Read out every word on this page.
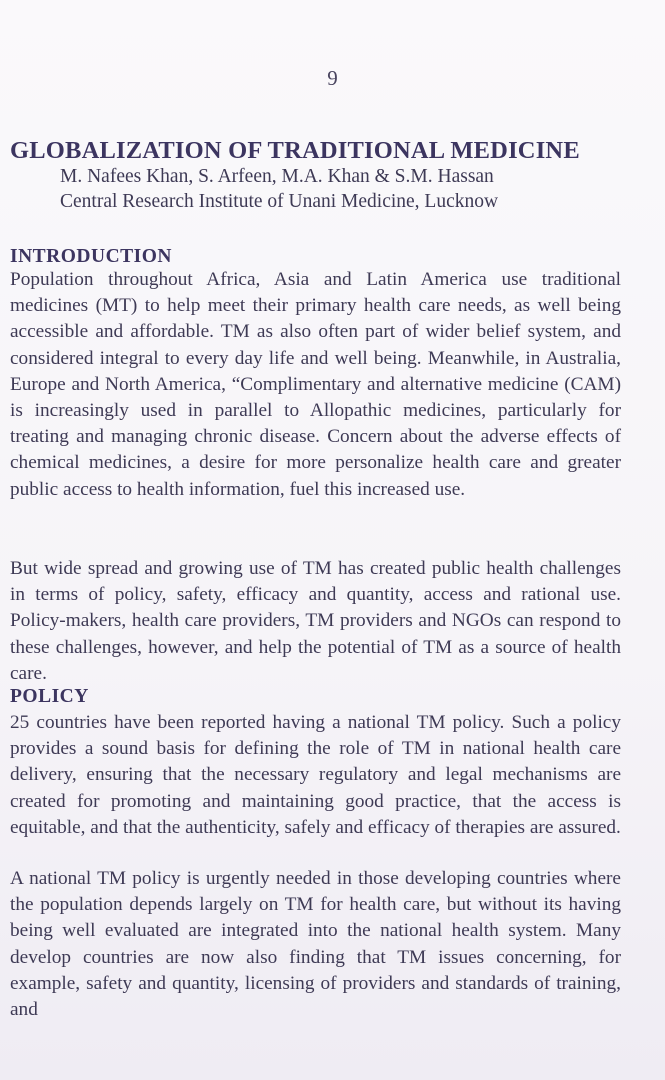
9
GLOBALIZATION OF TRADITIONAL MEDICINE
M. Nafees Khan, S. Arfeen, M.A. Khan & S.M. Hassan
Central Research Institute of Unani Medicine, Lucknow
INTRODUCTION

Population throughout Africa, Asia and Latin America use traditional medicines (MT) to help meet their primary health care needs, as well being accessible and affordable. TM as also often part of wider belief system, and considered integral to every day life and well being. Meanwhile, in Australia, Europe and North America, “Complimentary and alternative medicine (CAM) is increasingly used in parallel to Allopathic medicines, particularly for treating and managing chronic disease. Concern about the adverse effects of chemical medicines, a desire for more personalize health care and greater public access to health information, fuel this increased use.

But wide spread and growing use of TM has created public health challenges in terms of policy, safety, efficacy and quantity, access and rational use. Policy-makers, health care providers, TM providers and NGOs can respond to these challenges, however, and help the potential of TM as a source of health care.

POLICY

25 countries have been reported having a national TM policy. Such a policy provides a sound basis for defining the role of TM in national health care delivery, ensuring that the necessary regulatory and legal mechanisms are created for promoting and maintaining good practice, that the access is equitable, and that the authenticity, safely and efficacy of therapies are assured.

A national TM policy is urgently needed in those developing countries where the population depends largely on TM for health care, but without its having being well evaluated are integrated into the national health system. Many develop countries are now also finding that TM issues concerning, for example, safety and quantity, licensing of providers and standards of training, and
